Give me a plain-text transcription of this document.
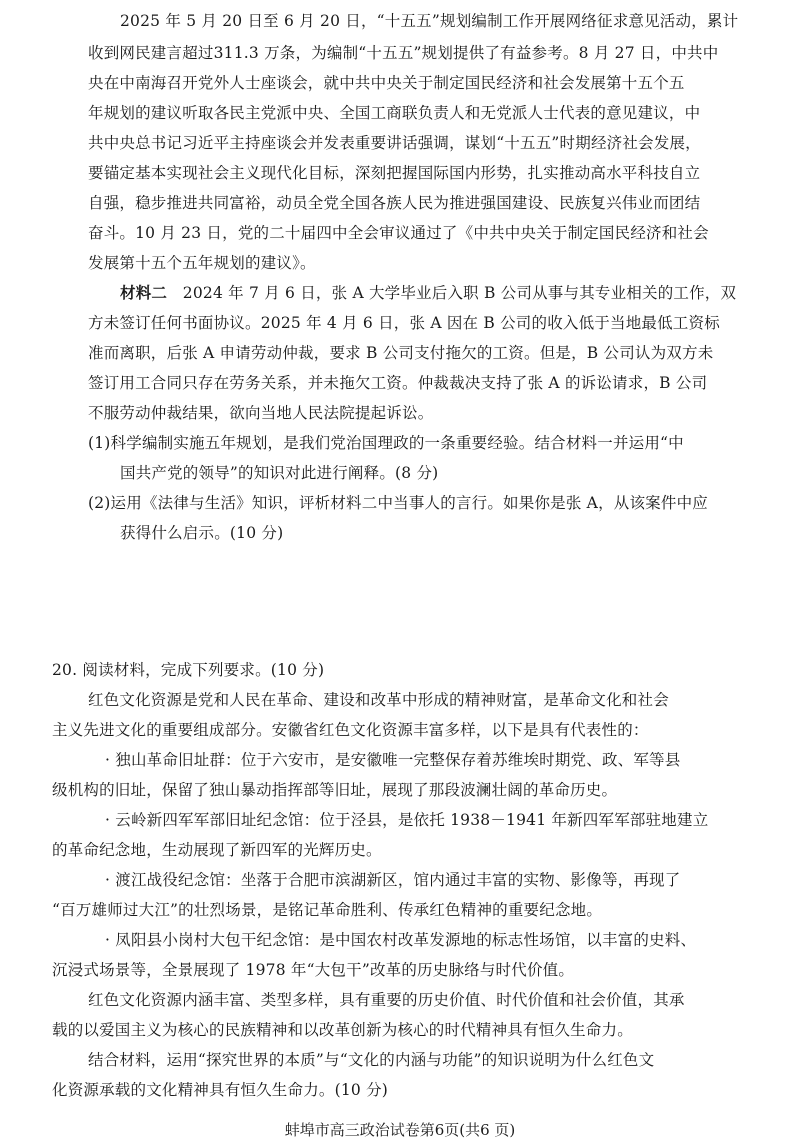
2025 年 5 月 20 日至 6 月 20 日，“十五五”规划编制工作开展网络征求意见活动，累计
收到网民建言超过311.3 万条，为编制“十五五”规划提供了有益参考。8 月 27 日，中共中
央在中南海召开党外人士座谈会，就中共中央关于制定国民经济和社会发展第十五个五
年规划的建议听取各民主党派中央、全国工商联负责人和无党派人士代表的意见建议，中
共中央总书记习近平主持座谈会并发表重要讲话强调，谋划“十五五”时期经济社会发展，
要锚定基本实现社会主义现代化目标，深刻把握国际国内形势，扎实推动高水平科技自立
自强，稳步推进共同富裕，动员全党全国各族人民为推进强国建设、民族复兴伟业而团结
奋斗。10 月 23 日，党的二十届四中全会审议通过了《中共中央关于制定国民经济和社会
发展第十五个五年规划的建议》。
材料二　2024 年 7 月 6 日，张 A 大学毕业后入职 B 公司从事与其专业相关的工作，双
方未签订任何书面协议。2025 年 4 月 6 日，张 A 因在 B 公司的收入低于当地最低工资标
准而离职，后张 A 申请劳动仲裁，要求 B 公司支付拖欠的工资。但是，B 公司认为双方未
签订用工合同只存在劳务关系，并未拖欠工资。仲裁裁决支持了张 A 的诉讼请求，B 公司
不服劳动仲裁结果，欲向当地人民法院提起诉讼。
(1)科学编制实施五年规划，是我们党治国理政的一条重要经验。结合材料一并运用“中
国共产党的领导”的知识对此进行阐释。(8 分)
(2)运用《法律与生活》知识，评析材料二中当事人的言行。如果你是张 A，从该案件中应
获得什么启示。(10 分)
20. 阅读材料，完成下列要求。(10 分)
红色文化资源是党和人民在革命、建设和改革中形成的精神财富，是革命文化和社会
主义先进文化的重要组成部分。安徽省红色文化资源丰富多样，以下是具有代表性的：
· 独山革命旧址群：位于六安市，是安徽唯一完整保存着苏维埃时期党、政、军等县
级机构的旧址，保留了独山暴动指挥部等旧址，展现了那段波澜壮阔的革命历史。
· 云岭新四军军部旧址纪念馆：位于泾县，是依托 1938－1941 年新四军军部驻地建立
的革命纪念地，生动展现了新四军的光辉历史。
· 渡江战役纪念馆：坐落于合肥市滨湖新区，馆内通过丰富的实物、影像等，再现了
“百万雄师过大江”的壮烈场景，是铭记革命胜利、传承红色精神的重要纪念地。
· 凤阳县小岗村大包干纪念馆：是中国农村改革发源地的标志性场馆，以丰富的史料、
沉浸式场景等，全景展现了 1978 年“大包干”改革的历史脉络与时代价值。
红色文化资源内涵丰富、类型多样，具有重要的历史价值、时代价值和社会价值，其承
载的以爱国主义为核心的民族精神和以改革创新为核心的时代精神具有恒久生命力。
结合材料，运用“探究世界的本质”与“文化的内涵与功能”的知识说明为什么红色文
化资源承载的文化精神具有恒久生命力。(10 分)
蚌埠市高三政治试卷第6页(共6 页)
